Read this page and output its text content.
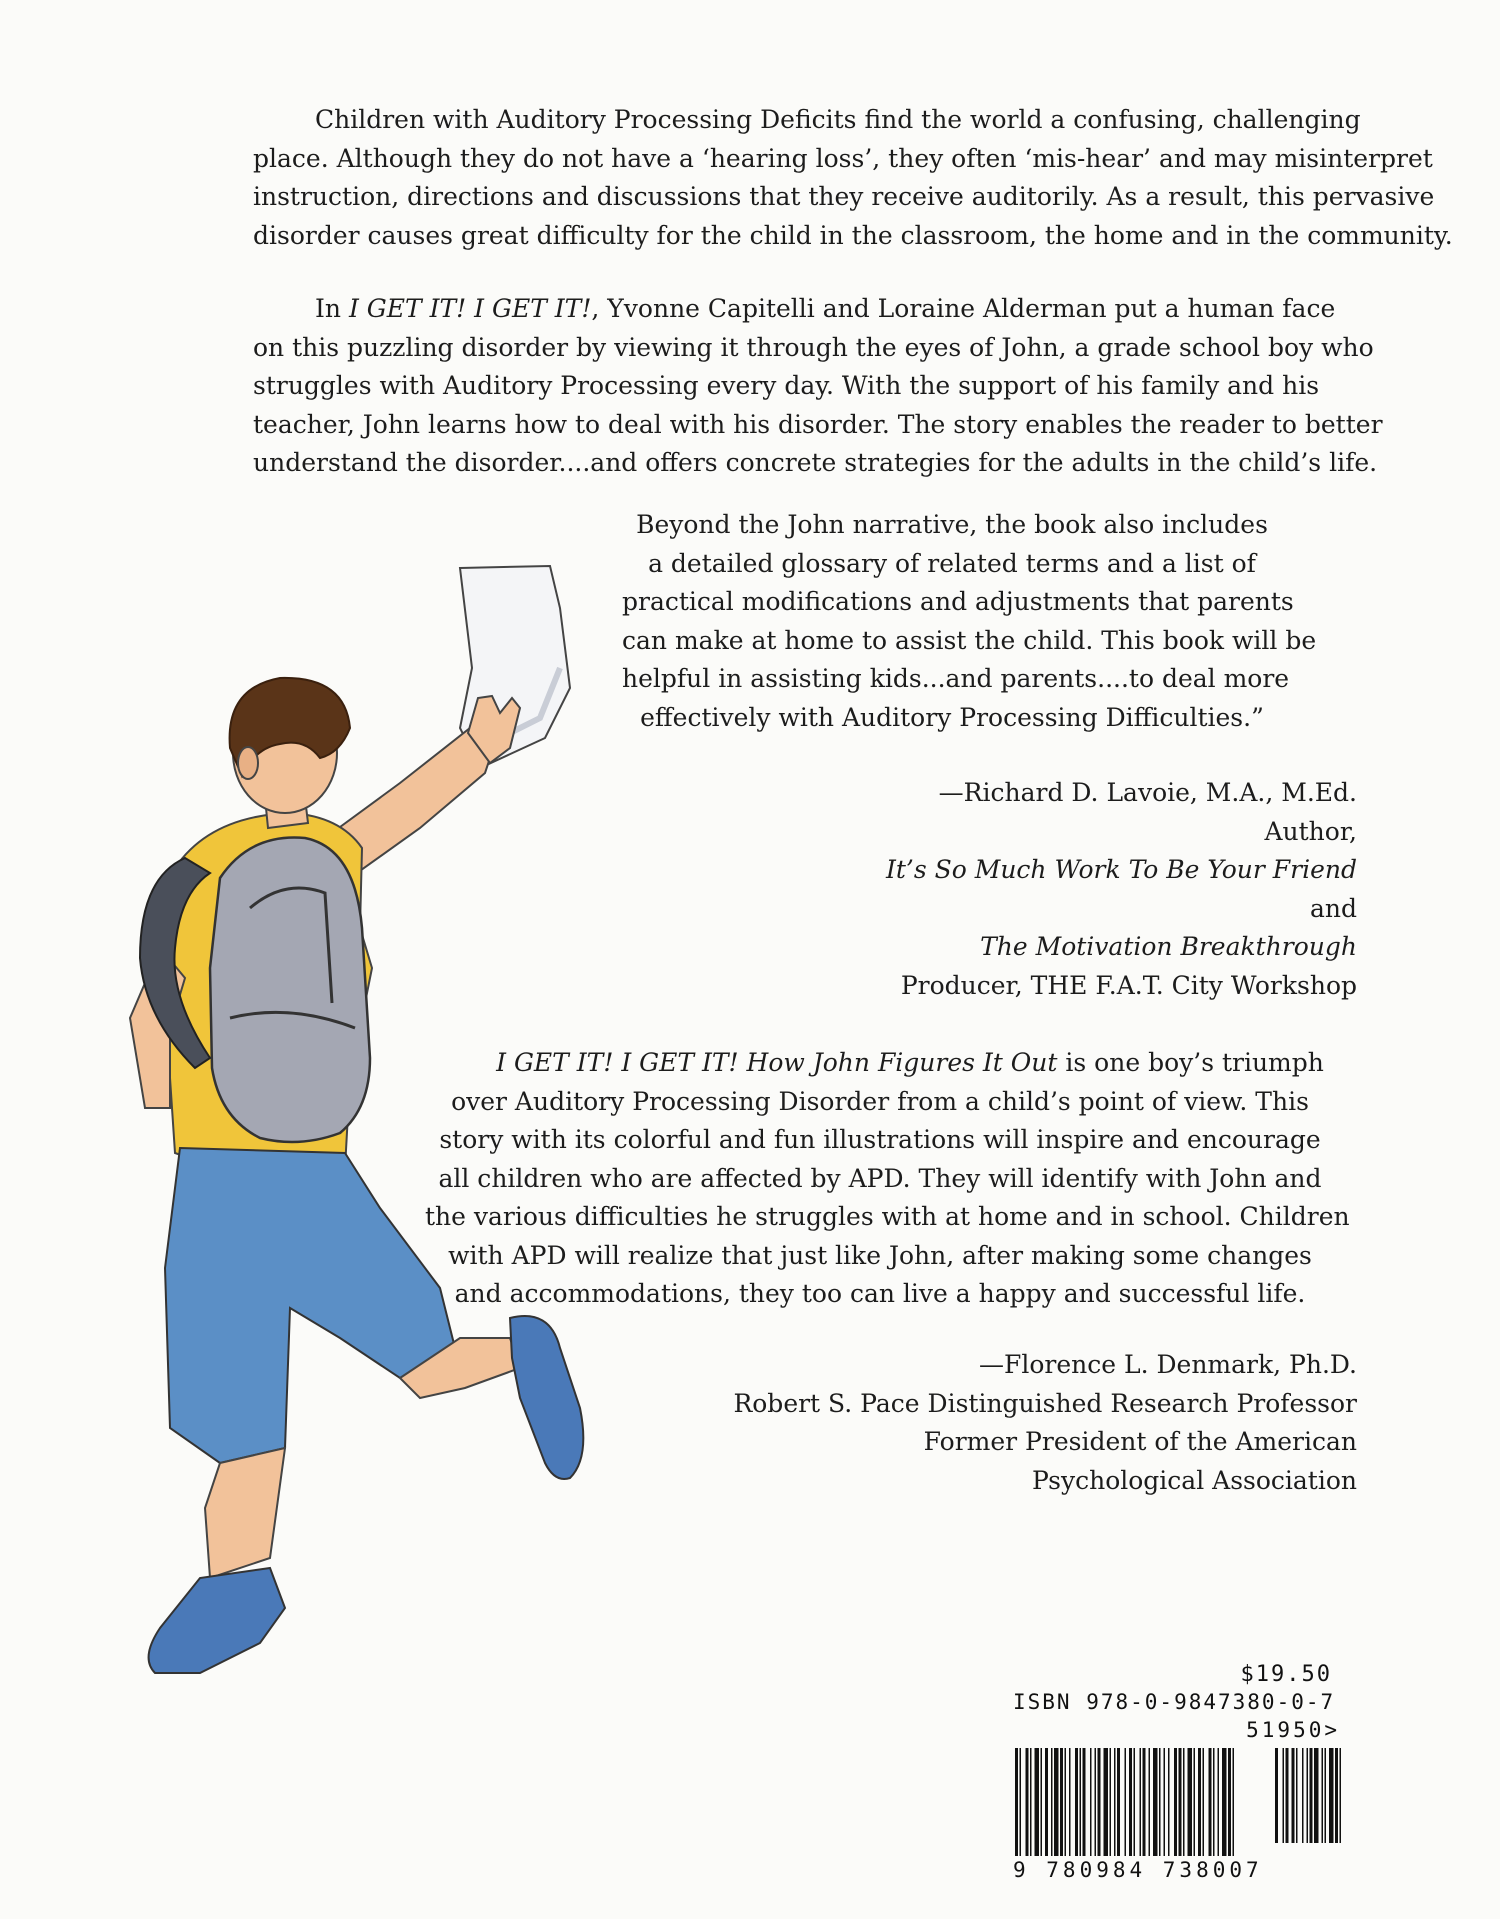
Children with Auditory Processing Deficits find the world a confusing, challenging
place. Although they do not have a ‘hearing loss’, they often ‘mis-hear’ and may misinterpret
instruction, directions and discussions that they receive auditorily. As a result, this pervasive
disorder causes great difficulty for the child in the classroom, the home and in the community.
In I GET IT! I GET IT!, Yvonne Capitelli and Loraine Alderman put a human face
on this puzzling disorder by viewing it through the eyes of John, a grade school boy who
struggles with Auditory Processing every day. With the support of his family and his
teacher, John learns how to deal with his disorder. The story enables the reader to better
understand the disorder....and offers concrete strategies for the adults in the child’s life.
Beyond the John narrative, the book also includes
a detailed glossary of related terms and a list of
practical modifications and adjustments that parents
can make at home to assist the child. This book will be
helpful in assisting kids...and parents....to deal more
effectively with Auditory Processing Difficulties.”
—Richard D. Lavoie, M.A., M.Ed.
Author,
It’s So Much Work To Be Your Friend
and
The Motivation Breakthrough
Producer, THE F.A.T. City Workshop
I GET IT! I GET IT! How John Figures It Out is one boy’s triumph
over Auditory Processing Disorder from a child’s point of view. This
story with its colorful and fun illustrations will inspire and encourage
all children who are affected by APD. They will identify with John and
the various difficulties he struggles with at home and in school. Children
with APD will realize that just like John, after making some changes
and accommodations, they too can live a happy and successful life.
—Florence L. Denmark, Ph.D.
Robert S. Pace Distinguished Research Professor
Former President of the American
Psychological Association
$19.50
ISBN 978-0-9847380-0-7
51950>
9 780984 738007
